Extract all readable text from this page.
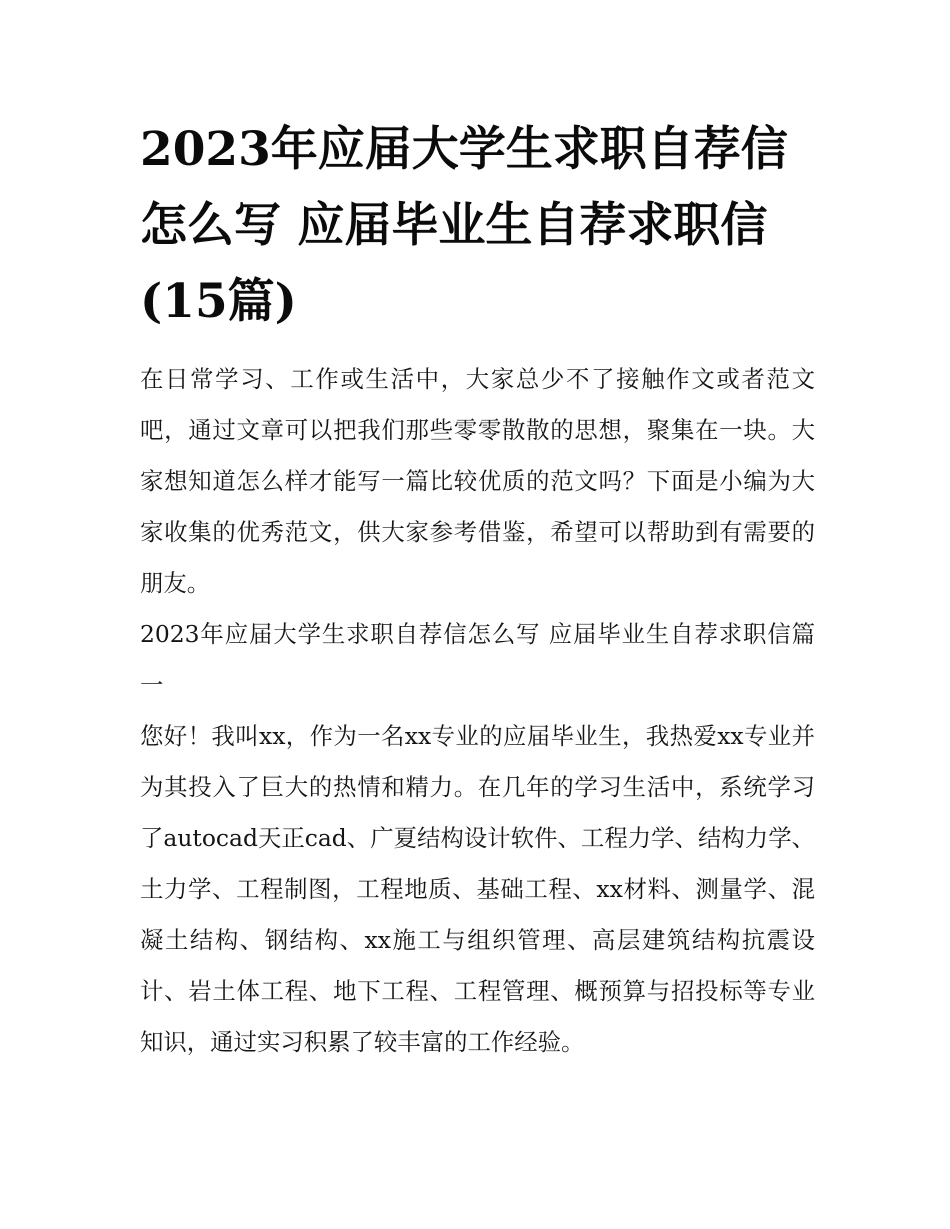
2023年应届大学生求职自荐信怎么写 应届毕业生自荐求职信(15篇)

在日常学习、工作或生活中，大家总少不了接触作文或者范文吧，通过文章可以把我们那些零零散散的思想，聚集在一块。大家想知道怎么样才能写一篇比较优质的范文吗？下面是小编为大家收集的优秀范文，供大家参考借鉴，希望可以帮助到有需要的朋友。

2023年应届大学生求职自荐信怎么写 应届毕业生自荐求职信篇一

您好！我叫xx，作为一名xx专业的应届毕业生，我热爱xx专业并为其投入了巨大的热情和精力。在几年的学习生活中，系统学习了autocad天正cad、广夏结构设计软件、工程力学、结构力学、土力学、工程制图，工程地质、基础工程、xx材料、测量学、混凝土结构、钢结构、xx施工与组织管理、高层建筑结构抗震设计、岩土体工程、地下工程、工程管理、概预算与招投标等专业知识，通过实习积累了较丰富的工作经验。
